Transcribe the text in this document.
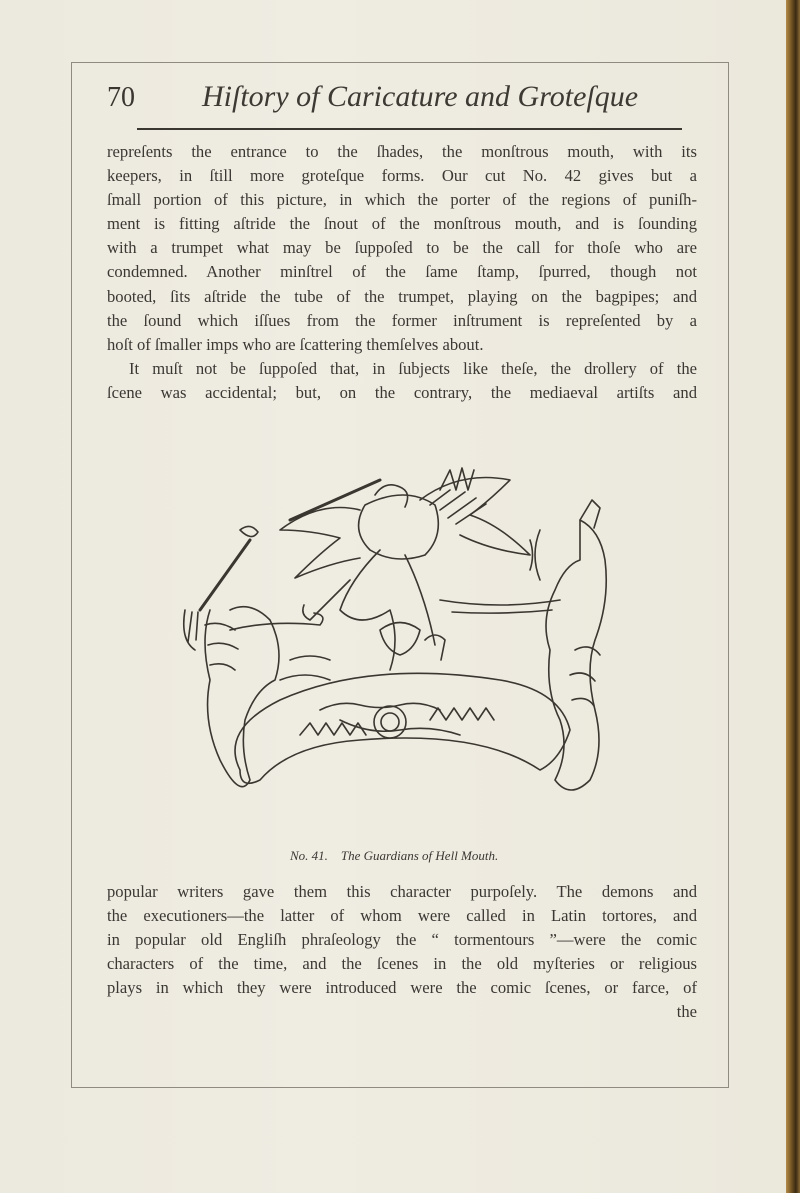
70 Hiſtory of Caricature and Groteſque
repreſents the entrance to the ſhades, the monſtrous mouth, with its
keepers, in ſtill more groteſque forms. Our cut No. 42 gives but a
ſmall portion of this picture, in which the porter of the regions of puniſh-
ment is fitting aſtride the ſnout of the monſtrous mouth, and is ſounding
with a trumpet what may be ſuppoſed to be the call for thoſe who are
condemned. Another minſtrel of the ſame ſtamp, ſpurred, though not
booted, ſits aſtride the tube of the trumpet, playing on the bagpipes; and
the ſound which iſſues from the former inſtrument is repreſented by a
hoſt of ſmaller imps who are ſcattering themſelves about.
It muſt not be ſuppoſed that, in ſubjects like theſe, the drollery of the
ſcene was accidental; but, on the contrary, the mediaeval artiſts and
No. 41. The Guardians of Hell Mouth.
popular writers gave them this character purpoſely. The demons and
the executioners—the latter of whom were called in Latin tortores, and
in popular old Engliſh phraſeology the “ tormentours ”—were the comic
characters of the time, and the ſcenes in the old myſteries or religious
plays in which they were introduced were the comic ſcenes, or farce, of
the
